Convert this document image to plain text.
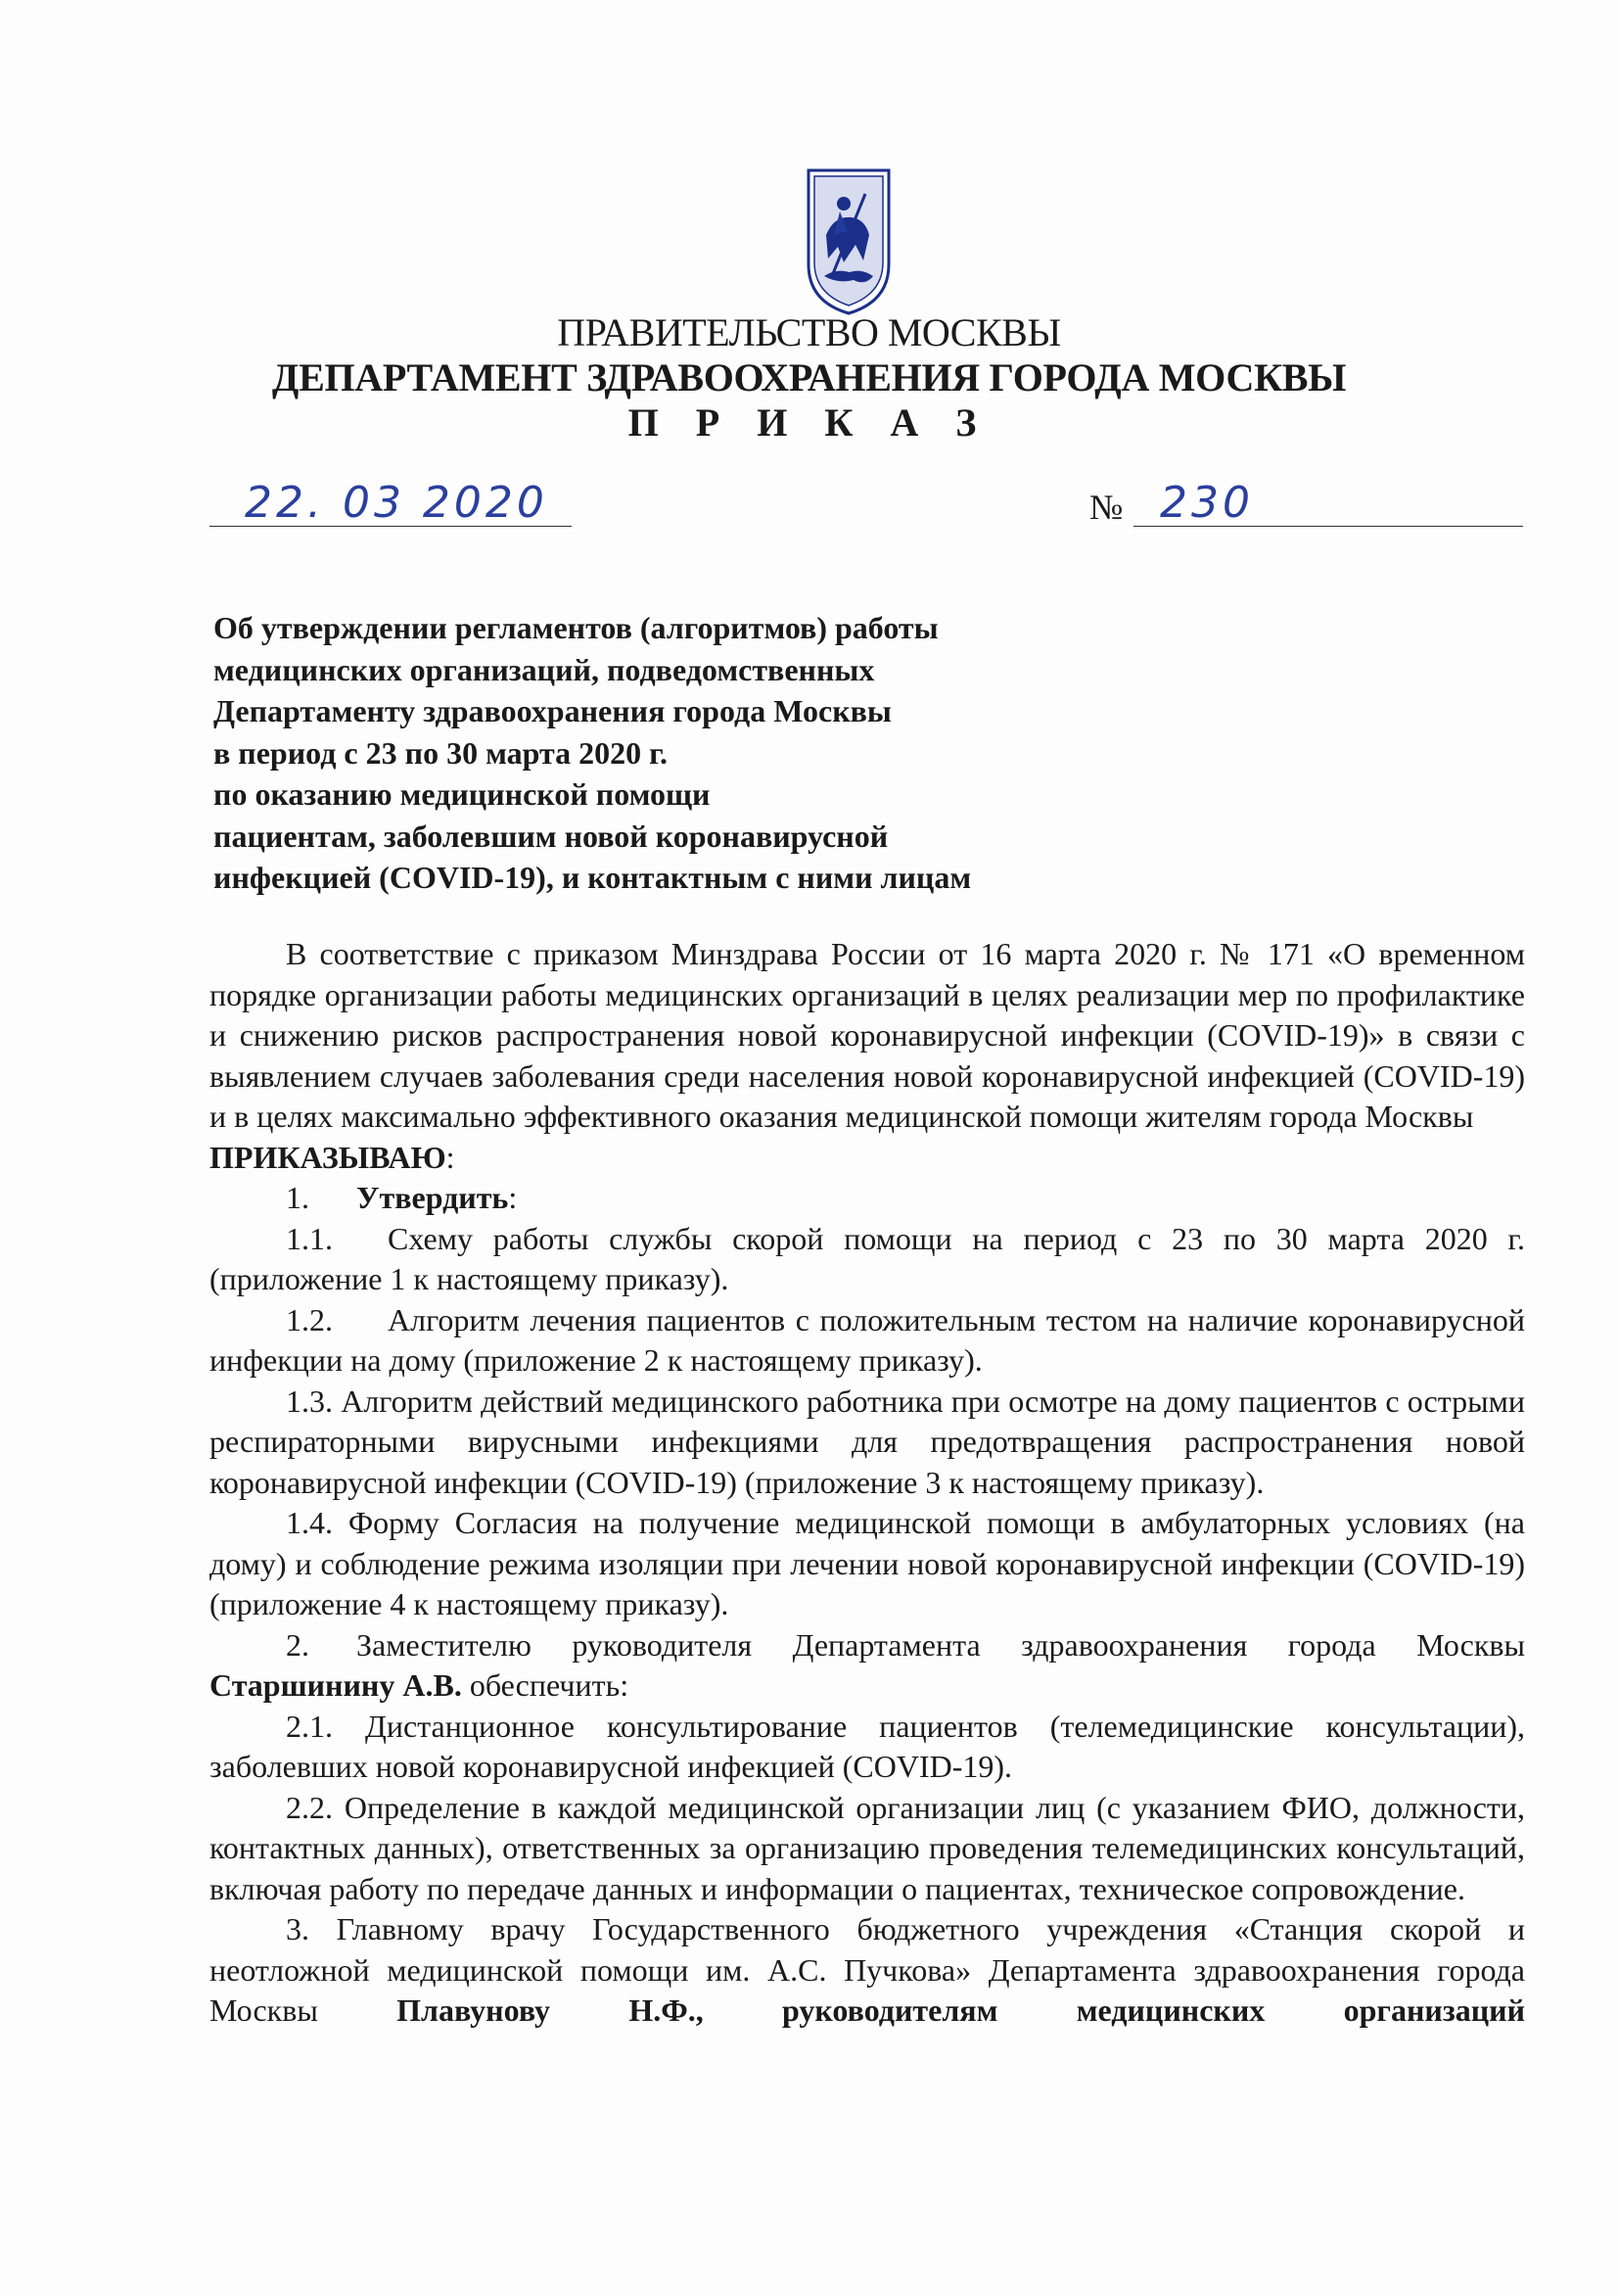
ПРАВИТЕЛЬСТВО МОСКВЫ
ДЕПАРТАМЕНТ ЗДРАВООХРАНЕНИЯ ГОРОДА МОСКВЫ
П Р И К А З
22. 03 2020	№ 230
Об утверждении регламентов (алгоритмов) работы
медицинских организаций, подведомственных
Департаменту здравоохранения города Москвы
в период с 23 по 30 марта 2020 г.
по оказанию медицинской помощи
пациентам, заболевшим новой коронавирусной
инфекцией (COVID-19), и контактным с ними лицам
В соответствие с приказом Минздрава России от 16 марта 2020 г. № 171 «О временном порядке организации работы медицинских организаций в целях реализации мер по профилактике и снижению рисков распространения новой коронавирусной инфекции (COVID-19)» в связи с выявлением случаев заболевания среди населения новой коронавирусной инфекцией (COVID-19) и в целях максимально эффективного оказания медицинской помощи жителям города Москвы
ПРИКАЗЫВАЮ:
1. Утвердить:
1.1. Схему работы службы скорой помощи на период с 23 по 30 марта 2020 г. (приложение 1 к настоящему приказу).
1.2. Алгоритм лечения пациентов с положительным тестом на наличие коронавирусной инфекции на дому (приложение 2 к настоящему приказу).
1.3. Алгоритм действий медицинского работника при осмотре на дому пациентов с острыми респираторными вирусными инфекциями для предотвращения распространения новой коронавирусной инфекции (COVID-19) (приложение 3 к настоящему приказу).
1.4. Форму Согласия на получение медицинской помощи в амбулаторных условиях (на дому) и соблюдение режима изоляции при лечении новой коронавирусной инфекции (COVID-19) (приложение 4 к настоящему приказу).
2. Заместителю руководителя Департамента здравоохранения города Москвы Старшинину А.В. обеспечить:
2.1. Дистанционное консультирование пациентов (телемедицинские консультации), заболевших новой коронавирусной инфекцией (COVID-19).
2.2. Определение в каждой медицинской организации лиц (с указанием ФИО, должности, контактных данных), ответственных за организацию проведения телемедицинских консультаций, включая работу по передаче данных и информации о пациентах, техническое сопровождение.
3. Главному врачу Государственного бюджетного учреждения «Станция скорой и неотложной медицинской помощи им. А.С. Пучкова» Департамента здравоохранения города Москвы	Плавунову Н.Ф., руководителям медицинских организаций
